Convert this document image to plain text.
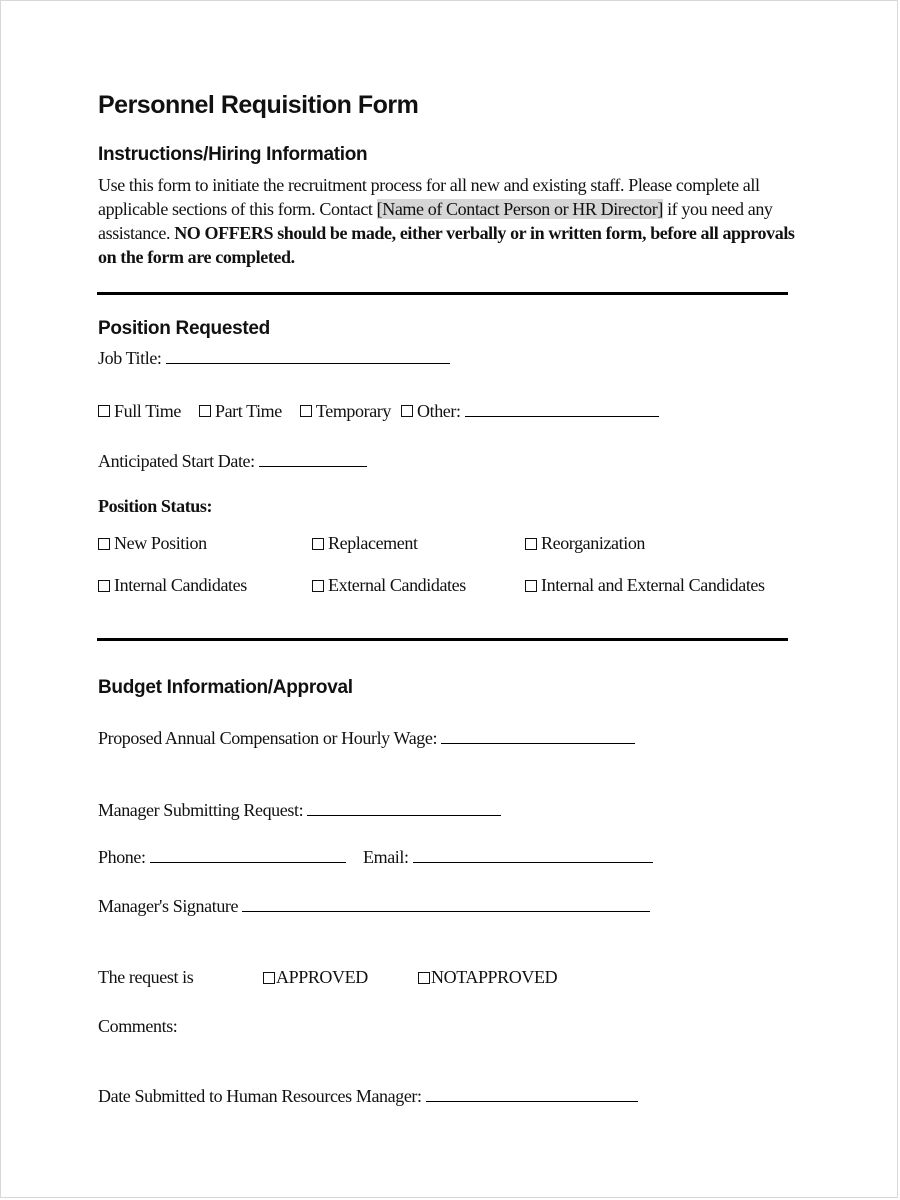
Personnel Requisition Form
Instructions/Hiring Information
Use this form to initiate the recruitment process for all new and existing staff. Please complete all applicable sections of this form. Contact [Name of Contact Person or HR Director] if you need any assistance. NO OFFERS should be made, either verbally or in written form, before all approvals on the form are completed.
Position Requested
Job Title:
Full Time Part Time Temporary Other:
Anticipated Start Date:
Position Status:
New Position	Replacement	Reorganization
Internal Candidates	External Candidates	Internal and External Candidates
Budget Information/Approval
Proposed Annual Compensation or Hourly Wage:
Manager Submitting Request:
Phone:	Email:
Manager's Signature
The request is	APPROVED	NOTAPPROVED
Comments:
Date Submitted to Human Resources Manager:
